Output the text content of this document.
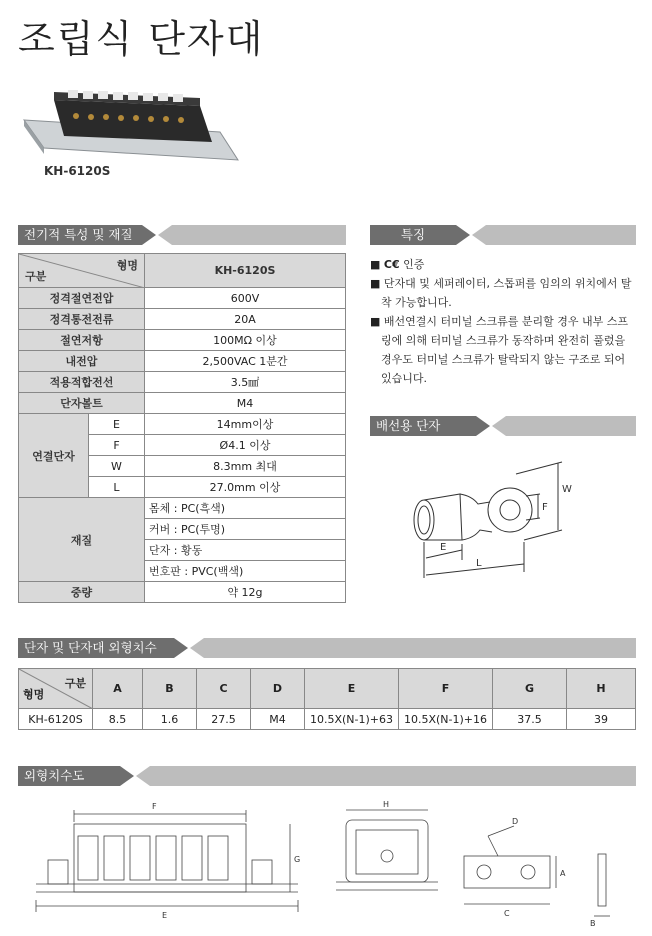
조립식 단자대
KH-6120S
전기적 특성 및 재질
형명
구분		KH-6120S
정격절연전압		600V
정격통전전류		20A
절연저항		100MΩ 이상
내전압		2,500VAC 1분간
적용적합전선		3.5㎟
단자볼트		M4
연결단자	E	14mm이상
	F	Ø4.1 이상
	W	8.3mm 최대
	L	27.0mm 이상
재질		몸체 : PC(흑색)
		커버 : PC(투명)
		단자 : 황동
		번호판 : PVC(백색)
중량		약 12g
특징

■ C€ 인증

■ 단자대 및 세퍼레이터, 스톱퍼를 임의의 위치에서 탈착 가능합니다.

■ 배선연결시 터미널 스크류를 분리할 경우 내부 스프링에 의해 터미널 스크류가 동작하며 완전히 풀렸을 경우도 터미널 스크류가 탈락되지 않는 구조로 되어 있습니다.

배선용 단자
W
F
E
L
단자 및 단자대 외형치수
구분
형명	A	B	C	D	E	F	G	H
KH-6120S	8.5	1.6	27.5	M4	10.5X(N-1)+63	10.5X(N-1)+16	37.5	39
외형치수도
F
E
G
H
D
A
C
B
